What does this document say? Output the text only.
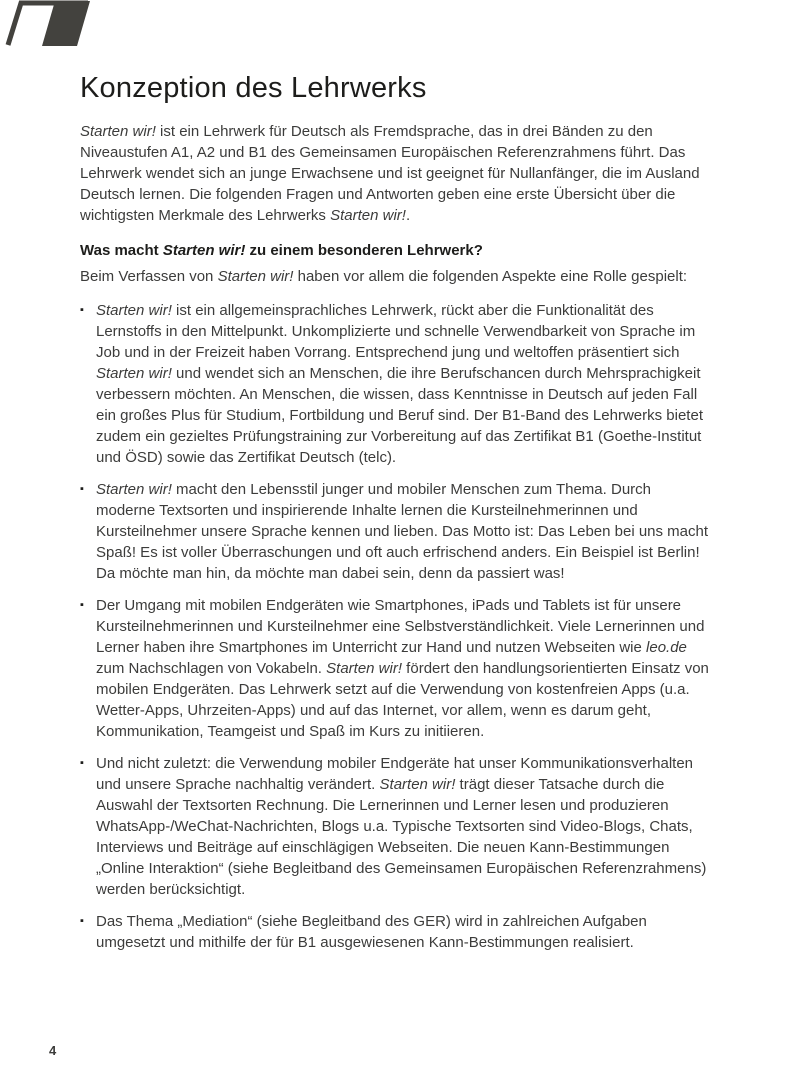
Konzeption des Lehrwerks

Starten wir! ist ein Lehrwerk für Deutsch als Fremdsprache, das in drei Bänden zu den Niveaustufen A1, A2 und B1 des Gemeinsamen Europäischen Referenzrahmens führt. Das Lehrwerk wendet sich an junge Erwachsene und ist geeignet für Nullanfänger, die im Ausland Deutsch lernen. Die folgenden Fragen und Antworten geben eine erste Übersicht über die wichtigsten Merkmale des Lehrwerks Starten wir!.

Was macht Starten wir! zu einem besonderen Lehrwerk?

Beim Verfassen von Starten wir! haben vor allem die folgenden Aspekte eine Rolle gespielt:

▪ Starten wir! ist ein allgemeinsprachliches Lehrwerk, rückt aber die Funktionalität des Lernstoffs in den Mittelpunkt. Unkomplizierte und schnelle Verwendbarkeit von Sprache im Job und in der Freizeit haben Vorrang. Entsprechend jung und weltoffen präsentiert sich Starten wir! und wendet sich an Menschen, die ihre Berufschancen durch Mehrsprachigkeit verbessern möchten. An Menschen, die wissen, dass Kenntnisse in Deutsch auf jeden Fall ein großes Plus für Studium, Fortbildung und Beruf sind. Der B1-Band des Lehrwerks bietet zudem ein gezieltes Prüfungstraining zur Vorbereitung auf das Zertifikat B1 (Goethe-Institut und ÖSD) sowie das Zertifikat Deutsch (telc).
▪ Starten wir! macht den Lebensstil junger und mobiler Menschen zum Thema. Durch moderne Textsorten und inspirierende Inhalte lernen die Kursteilnehmerinnen und Kursteilnehmer unsere Sprache kennen und lieben. Das Motto ist: Das Leben bei uns macht Spaß! Es ist voller Überraschungen und oft auch erfrischend anders. Ein Beispiel ist Berlin! Da möchte man hin, da möchte man dabei sein, denn da passiert was!
▪ Der Umgang mit mobilen Endgeräten wie Smartphones, iPads und Tablets ist für unsere Kursteilnehmerinnen und Kursteilnehmer eine Selbstverständlichkeit. Viele Lernerinnen und Lerner haben ihre Smartphones im Unterricht zur Hand und nutzen Webseiten wie leo.de zum Nachschlagen von Vokabeln. Starten wir! fördert den handlungsorientierten Einsatz von mobilen Endgeräten. Das Lehrwerk setzt auf die Verwendung von kostenfreien Apps (u.a. Wetter-Apps, Uhrzeiten-Apps) und auf das Internet, vor allem, wenn es darum geht, Kommunikation, Teamgeist und Spaß im Kurs zu initiieren.
▪ Und nicht zuletzt: die Verwendung mobiler Endgeräte hat unser Kommunikationsverhalten und unsere Sprache nachhaltig verändert. Starten wir! trägt dieser Tatsache durch die Auswahl der Textsorten Rechnung. Die Lernerinnen und Lerner lesen und produzieren WhatsApp-/WeChat-Nachrichten, Blogs u.a. Typische Textsorten sind Video-Blogs, Chats, Interviews und Beiträge auf einschlägigen Webseiten. Die neuen Kann-Bestimmungen „Online Interaktion“ (siehe Begleitband des Gemeinsamen Europäischen Referenzrahmens) werden berücksichtigt.
▪ Das Thema „Mediation“ (siehe Begleitband des GER) wird in zahlreichen Aufgaben umgesetzt und mithilfe der für B1 ausgewiesenen Kann-Bestimmungen realisiert.
4
